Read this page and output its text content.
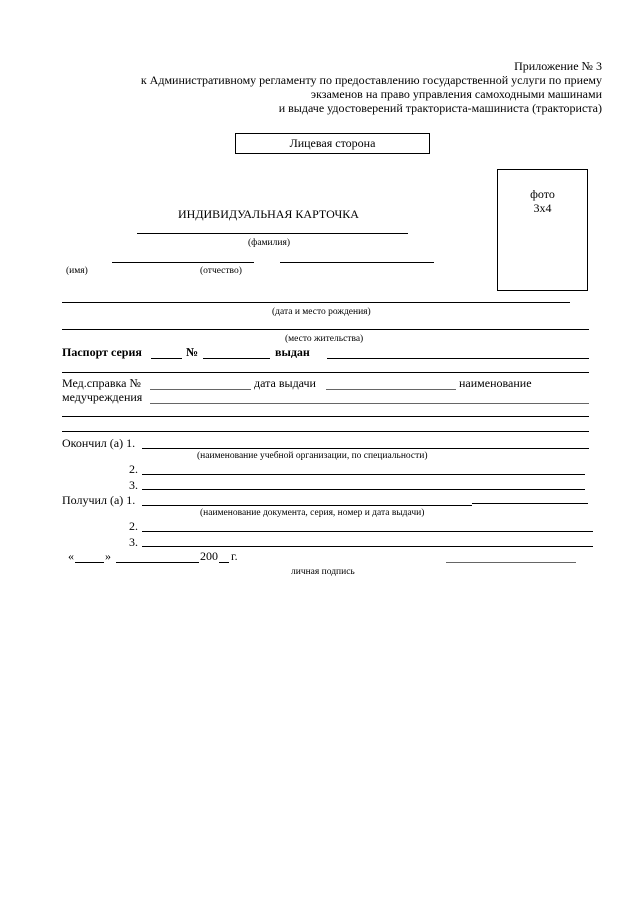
Приложение № 3
к Административному регламенту по предоставлению государственной услуги по приему
экзаменов на право управления самоходными машинами
и выдаче удостоверений тракториста-машиниста (тракториста)
Лицевая сторона
фото
3х4
ИНДИВИДУАЛЬНАЯ КАРТОЧКА
(фамилия)
(имя)	(отчество)
(дата и место рождения)
(место жительства)
Паспорт серия	№	выдан
Мед.справка №	дата выдачи	наименование
медучреждения
Окончил (а) 1.
(наименование учебной организации, по специальности)
2.
3.
Получил (а) 1.
(наименование документа, серия, номер и дата выдачи)
2.
3.
«	»	200 г.
личная подпись
